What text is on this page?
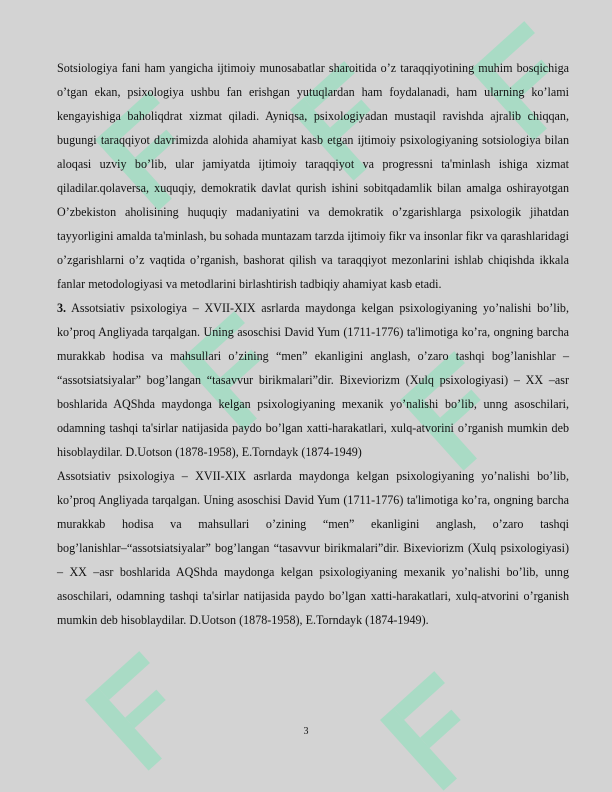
Sotsiologiya fani ham yangicha ijtimoiy munosabatlar sharoitida o’z taraqqiyotining muhim bosqichiga o’tgan ekan, psixologiya ushbu fan erishgan yutuqlardan ham foydalanadi, ham ularning ko’lami kengayishiga baholiqdrat xizmat qiladi. Ayniqsa, psixologiyadan mustaqil ravishda ajralib chiqqan, bugungi taraqqiyot davrimizda alohida ahamiyat kasb etgan ijtimoiy psixologiyaning sotsiologiya bilan aloqasi uzviy bo’lib, ular jamiyatda ijtimoiy taraqqiyot va progressni ta'minlash ishiga xizmat qiladilar.qolaversa, xuquqiy, demokratik davlat qurish ishini sobitqadamlik bilan amalga oshirayotgan O’zbekiston aholisining huquqiy madaniyatini va demokratik o’zgarishlarga psixologik jihatdan tayyorligini amalda ta'minlash, bu sohada muntazam tarzda ijtimoiy fikr va insonlar fikr va qarashlaridagi o’zgarishlarni o’z vaqtida o’rganish, bashorat qilish va taraqqiyot mezonlarini ishlab chiqishda ikkala fanlar metodologiyasi va metodlarini birlashtirish tadbiqiy ahamiyat kasb etadi.

3. Assotsiativ psixologiya – XVII-XIX asrlarda maydonga kelgan psixologiyaning yo’nalishi bo’lib, ko’proq Angliyada tarqalgan. Uning asoschisi David Yum (1711-1776) ta'limotiga ko’ra, ongning barcha murakkab hodisa va mahsullari o’zining “men” ekanligini anglash, o’zaro tashqi bog’lanishlar – “assotsiatsiyalar” bog’langan “tasavvur birikmalari”dir. Bixeviorizm (Xulq psixologiyasi) – XX –asr boshlarida AQShda maydonga kelgan psixologiyaning mexanik yo’nalishi bo’lib, unng asoschilari, odamning tashqi ta'sirlar natijasida paydo bo’lgan xatti-harakatlari, xulq-atvorini o’rganish mumkin deb hisoblaydilar. D.Uotson (1878-1958), E.Torndayk (1874-1949)

Assotsiativ psixologiya – XVII-XIX asrlarda maydonga kelgan psixologiyaning yo’nalishi bo’lib, ko’proq Angliyada tarqalgan. Uning asoschisi David Yum (1711-1776) ta'limotiga ko’ra, ongning barcha murakkab hodisa va mahsullari o’zining “men” ekanligini anglash, o’zaro tashqi bog’lanishlar–“assotsiatsiyalar” bog’langan “tasavvur birikmalari”dir. Bixeviorizm (Xulq psixologiyasi) – XX –asr boshlarida AQShda maydonga kelgan psixologiyaning mexanik yo’nalishi bo’lib, unng asoschilari, odamning tashqi ta'sirlar natijasida paydo bo’lgan xatti-harakatlari, xulq-atvorini o’rganish mumkin deb hisoblaydilar. D.Uotson (1878-1958), E.Torndayk (1874-1949).

3
